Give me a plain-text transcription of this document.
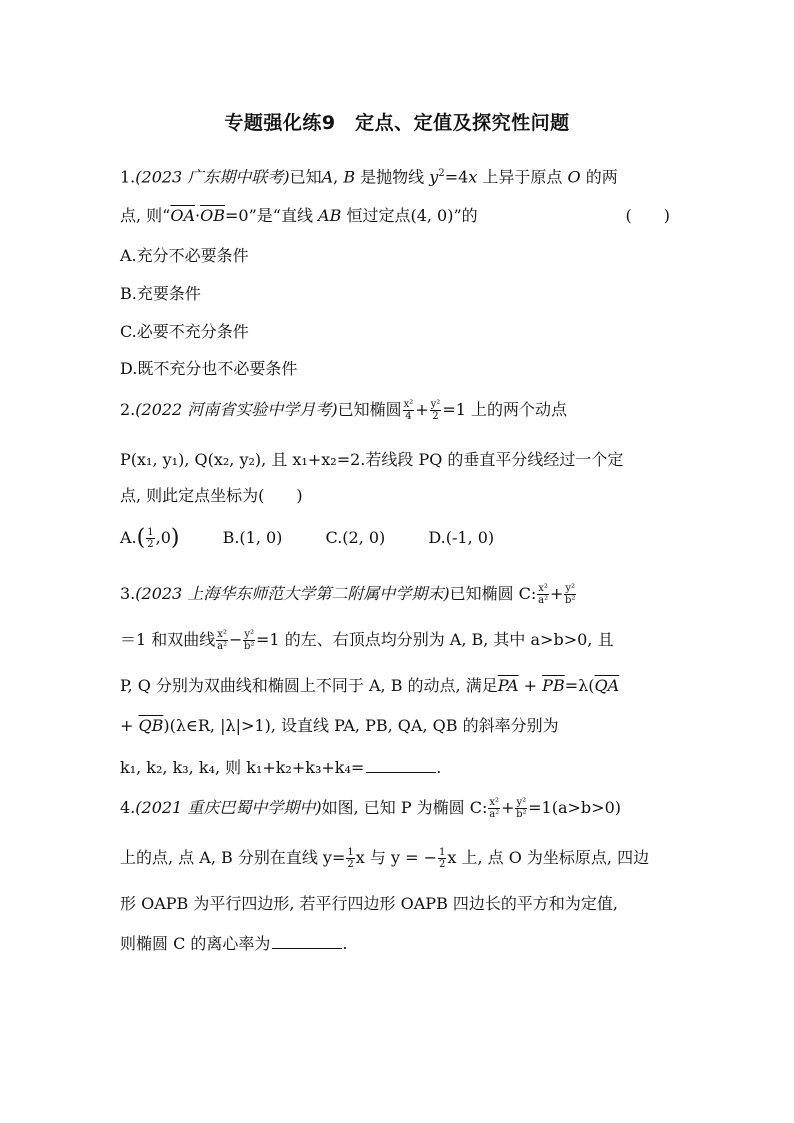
专题强化练9　定点、定值及探究性问题
1.(2023 广东期中联考)已知A, B 是抛物线 $y^2=4x$ 上异于原点 O 的两
点, 则“$\overline{OA}\cdot\overline{OB}=0$”是“直线 AB 恒过定点(4, 0)”的	(　　)
A.充分不必要条件
B.充要条件
C.必要不充分条件
D.既不充分也不必要条件
2.(2022 河南省实验中学月考)已知椭圆 $\frac{\text{x²}}{4} + \frac{\text{y²}}{2} =1$ 上的两个动点
P(x₁, y₁), Q(x₂, y₂), 且 x₁+x₂=2.若线段 PQ 的垂直平分线经过一个定
点, 则此定点坐标为(　　)
$A.( \frac{1}{2} ,0)$	B.(1, 0)	C.(2, 0)	D.(-1, 0)
3.(2023 上海华东师范大学第二附属中学期末)已知椭圆 C: $\frac{\text{x²}}{\text{a²}} + \frac{\text{y²}}{\text{b²}}$
＝1 和双曲线 $\frac{\text{x²}}{\text{a²}} - \frac{\text{y²}}{\text{b²}} =1$ 的左、右顶点均分别为 A, B, 其中 a>b>0, 且
P, Q 分别为双曲线和椭圆上不同于 A, B 的动点, 满足$\overline{PA} + \overline{PB}=\lambda(\overline{QA}$
+ $\overline{QB})(\lambda\in R$, |λ|>1), 设直线 PA, PB, QA, QB 的斜率分别为
k₁, k₂, k₃, k₄, 则 k₁+k₂+k₃+k₄=	.
4.(2021 重庆巴蜀中学期中)如图, 已知 P 为椭圆 C: $\frac{\text{x²}}{\text{a²}} + \frac{\text{y²}}{\text{b²}} =1(a>b>0)$
上的点, 点 A, B 分别在直线 $y= \frac{1}{2}$ x 与 y = − $\frac{1}{2}$ x 上, 点 O 为坐标原点, 四边
形 OAPB 为平行四边形, 若平行四边形 OAPB 四边长的平方和为定值,
则椭圆 C 的离心率为	.
